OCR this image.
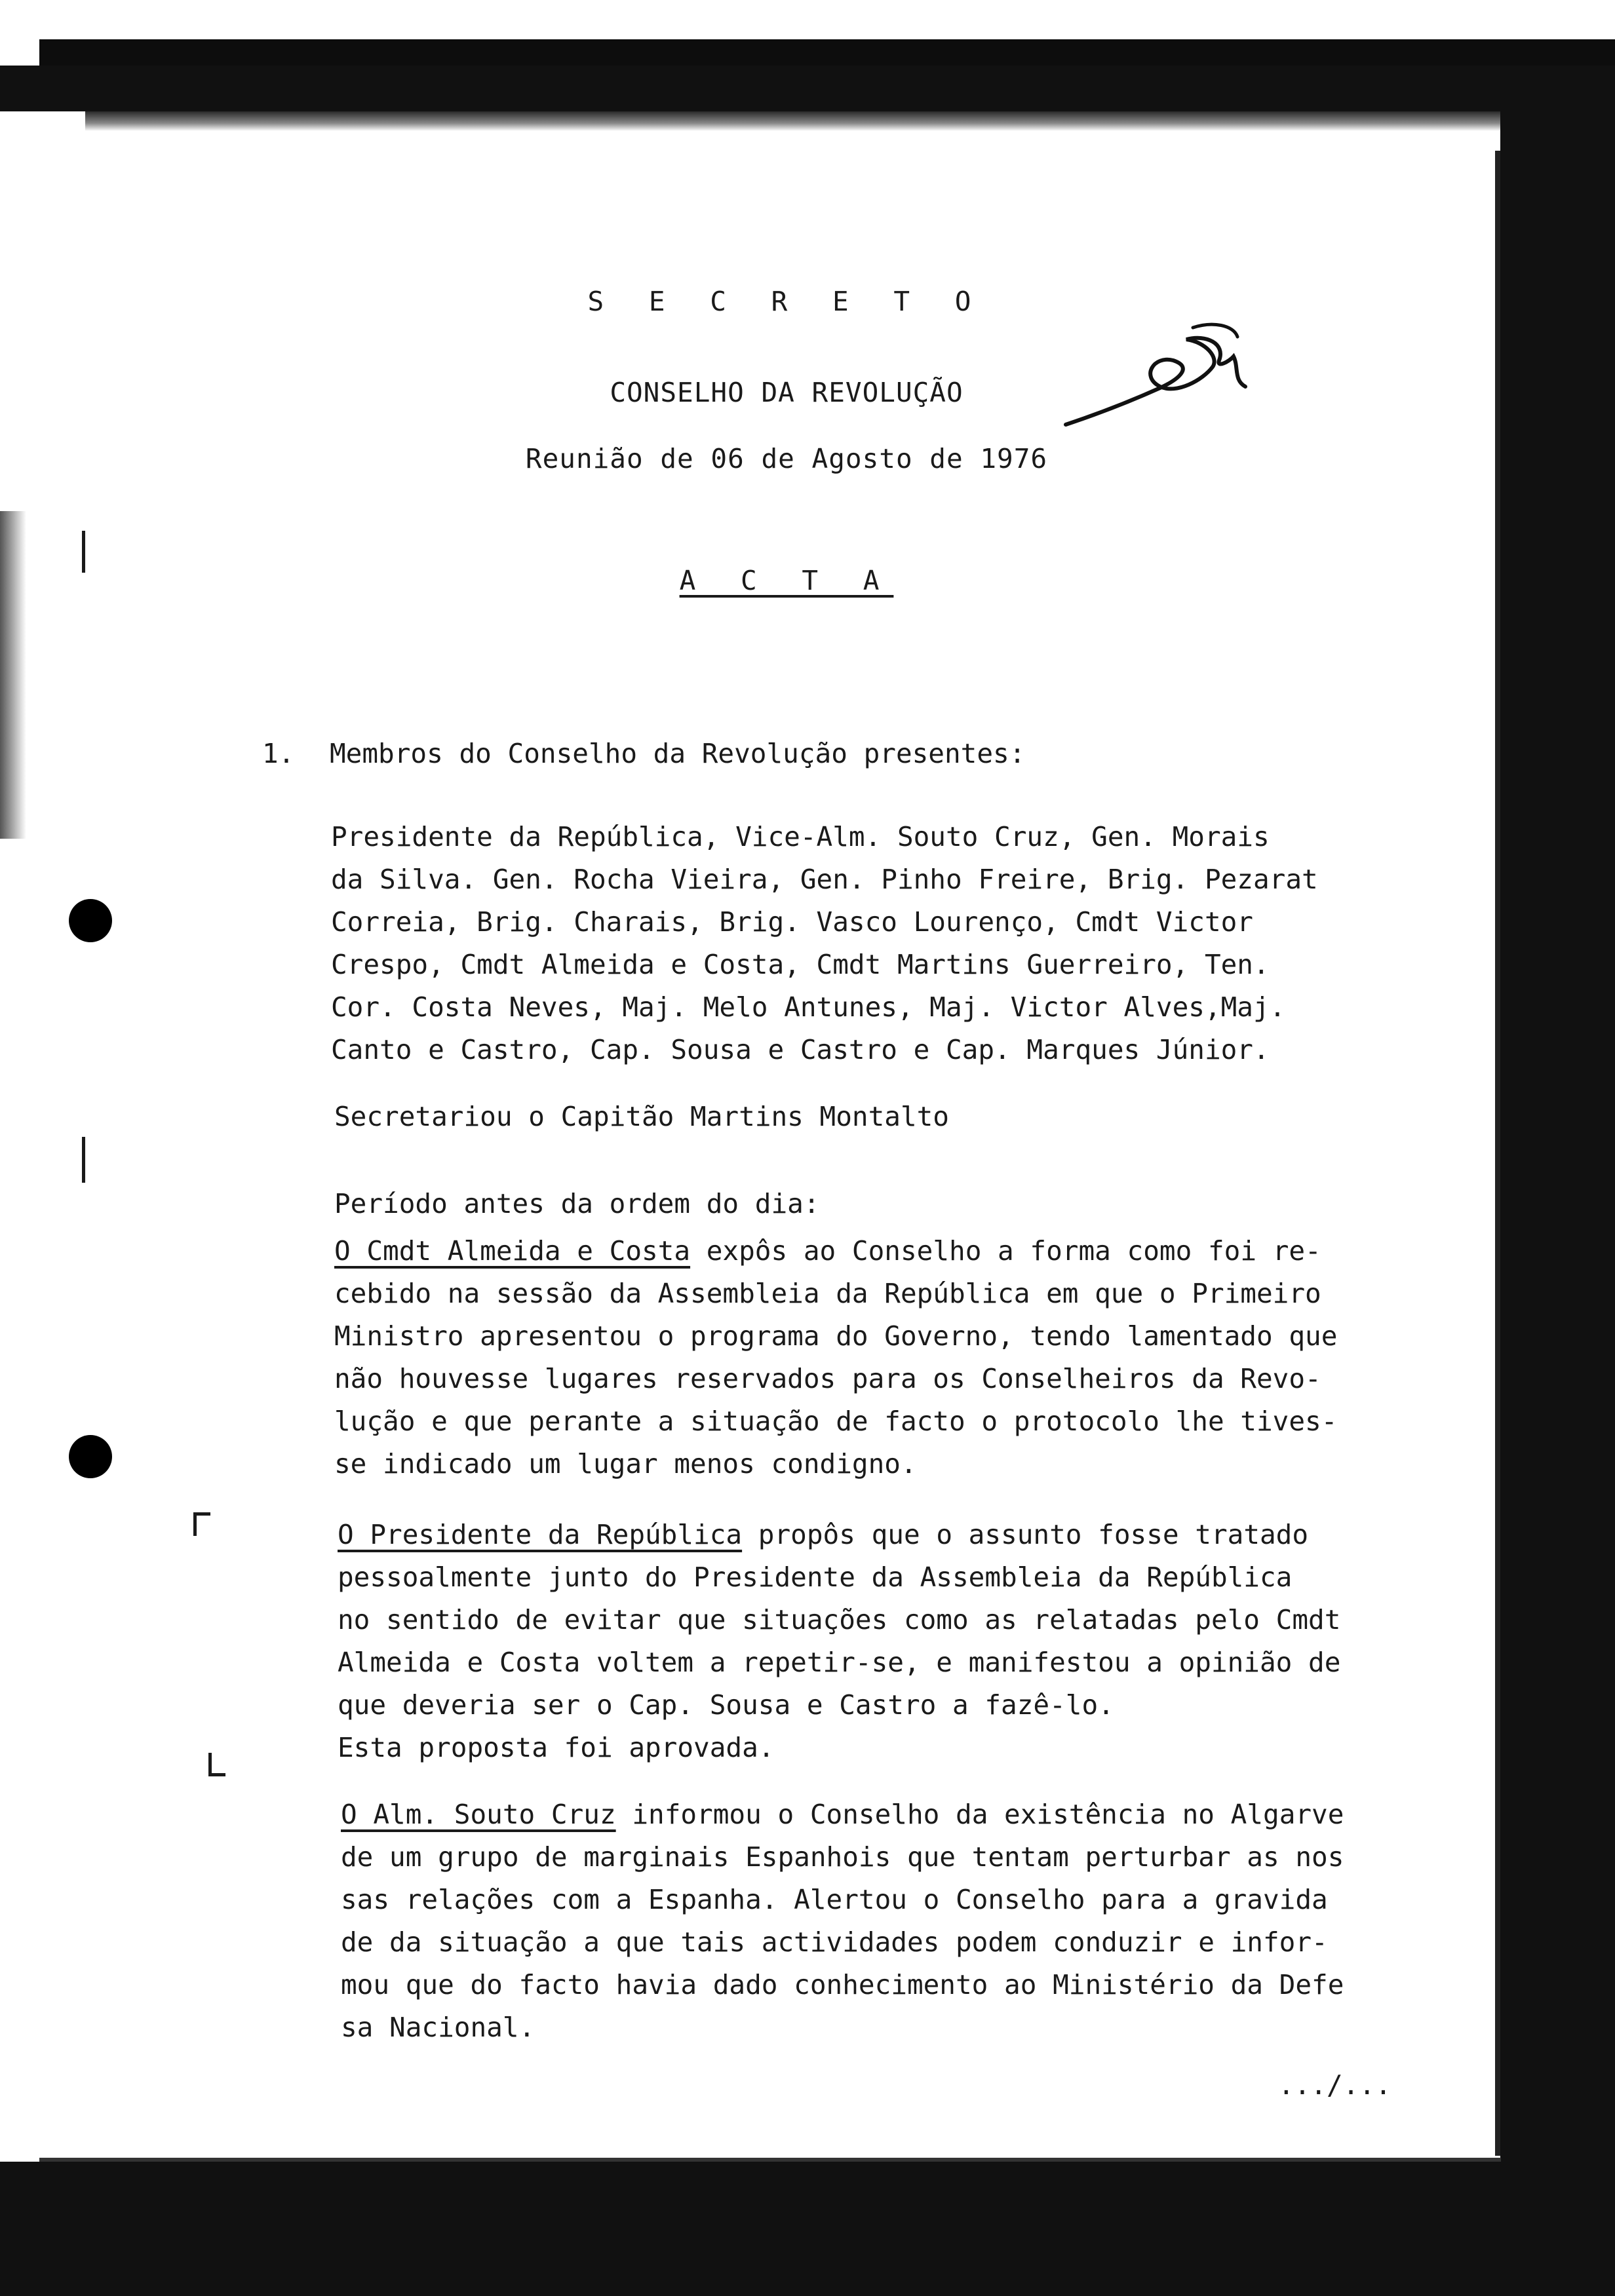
S E C R E T O
CONSELHO DA REVOLUÇÃO
Reunião de 06 de Agosto de 1976
A C T A
1. Membros do Conselho da Revolução presentes:
Presidente da República, Vice-Alm. Souto Cruz, Gen. Morais
da Silva. Gen. Rocha Vieira, Gen. Pinho Freire, Brig. Pezarat
Correia, Brig. Charais, Brig. Vasco Lourenço, Cmdt Victor
Crespo, Cmdt Almeida e Costa, Cmdt Martins Guerreiro, Ten.
Cor. Costa Neves, Maj. Melo Antunes, Maj. Victor Alves,Maj.
Canto e Castro, Cap. Sousa e Castro e Cap. Marques Júnior.
Secretariou o Capitão Martins Montalto
Período antes da ordem do dia:
O Cmdt Almeida e Costa expôs ao Conselho a forma como foi re-
cebido na sessão da Assembleia da República em que o Primeiro
Ministro apresentou o programa do Governo, tendo lamentado que
não houvesse lugares reservados para os Conselheiros da Revo-
lução e que perante a situação de facto o protocolo lhe tives-
se indicado um lugar menos condigno.
O Presidente da República propôs que o assunto fosse tratado
pessoalmente junto do Presidente da Assembleia da República
no sentido de evitar que situações como as relatadas pelo Cmdt
Almeida e Costa voltem a repetir-se, e manifestou a opinião de
que deveria ser o Cap. Sousa e Castro a fazê-lo.
Esta proposta foi aprovada.
O Alm. Souto Cruz informou o Conselho da existência no Algarve
de um grupo de marginais Espanhois que tentam perturbar as nos
sas relações com a Espanha. Alertou o Conselho para a gravida
de da situação a que tais actividades podem conduzir e infor-
mou que do facto havia dado conhecimento ao Ministério da Defe
sa Nacional.
.../...
